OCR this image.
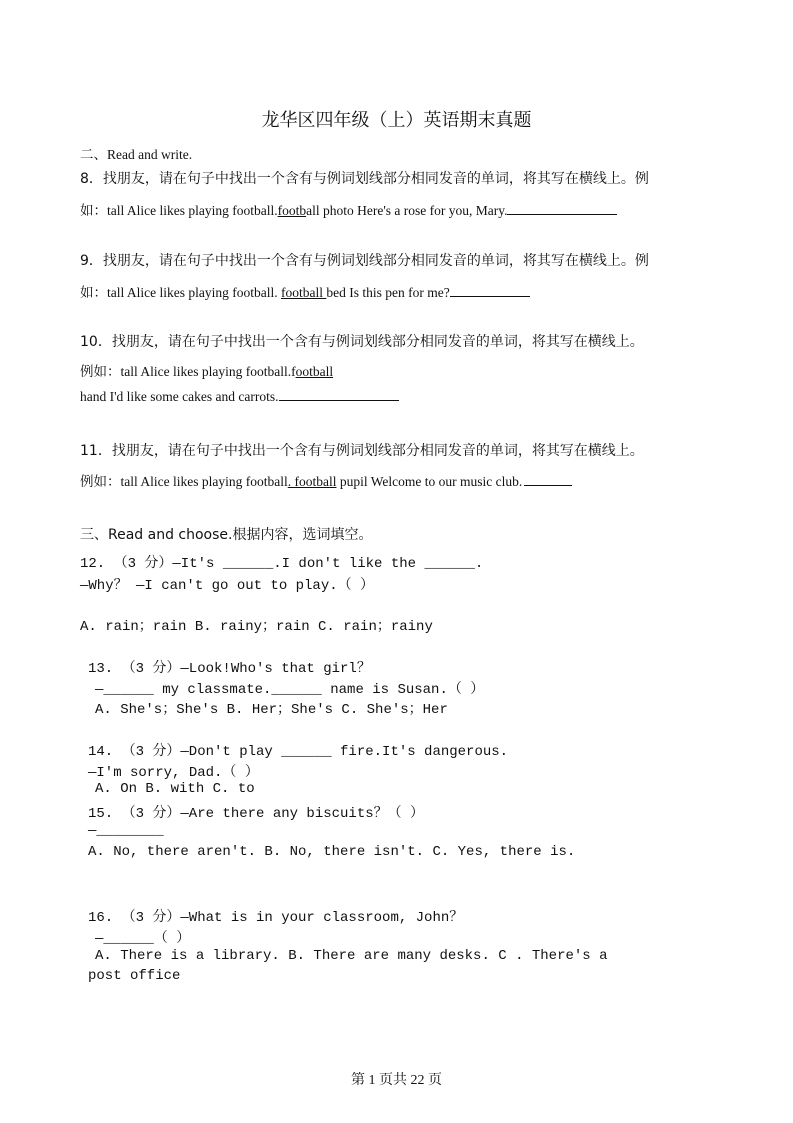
龙华区四年级（上）英语期末真题
二、Read and write.
8．找朋友，请在句子中找出一个含有与例词划线部分相同发音的单词，将其写在横线上。例
如：tall Alice likes playing football.football photo Here's a rose for you, Mary.
9．找朋友，请在句子中找出一个含有与例词划线部分相同发音的单词，将其写在横线上。例
如：tall Alice likes playing football. football bed Is this pen for me?
10．找朋友，请在句子中找出一个含有与例词划线部分相同发音的单词，将其写在横线上。
例如：tall Alice likes playing football.football
hand I'd like some cakes and carrots.
11．找朋友，请在句子中找出一个含有与例词划线部分相同发音的单词，将其写在横线上。
例如：tall Alice likes playing football. football pupil Welcome to our music club.
三、Read and choose.根据内容，选词填空。
12. （3 分）—It's ______.I don't like the ______.
—Why？ —I can't go out to play.（ ）
A. rain；rain B. rainy；rain C. rain；rainy
13. （3 分）—Look!Who's that girl？
—______ my classmate.______ name is Susan.（ ）
A. She's；She's B. Her；She's C. She's；Her
14. （3 分）—Don't play ______ fire.It's dangerous.
—I'm sorry, Dad.（ ）
A. On B. with C. to
15. （3 分）—Are there any biscuits？（ ）
—________
A. No, there aren't. B. No, there isn't. C. Yes, there is.
16. （3 分）—What is in your classroom, John？
—______（ ）
A. There is a library. B. There are many desks. C . There's a
post office
第 1 页共 22 页
